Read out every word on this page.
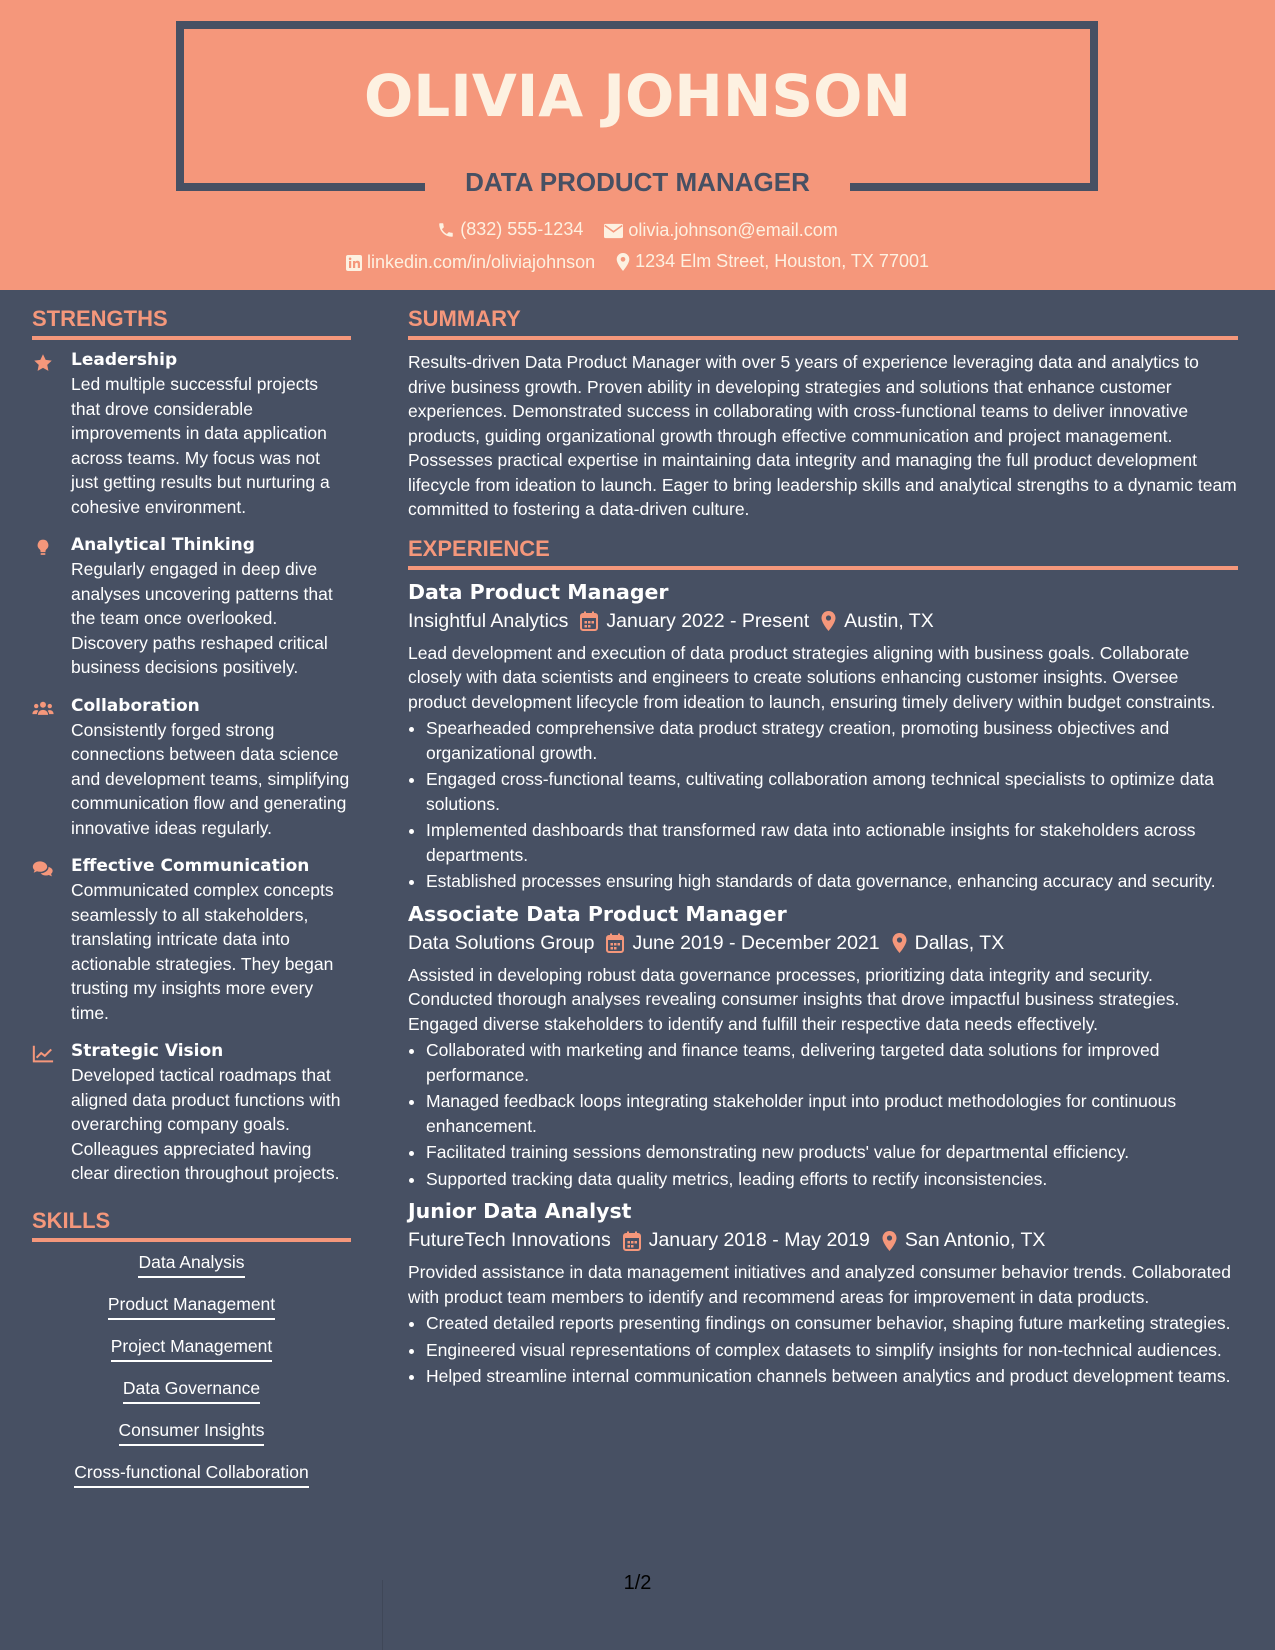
OLIVIA JOHNSON
DATA PRODUCT MANAGER
(832) 555-1234
	olivia.johnson@email.com
linkedin.com/in/oliviajohnson
1234 Elm Street, Houston, TX 77001
STRENGTHS
Leadership
Led multiple successful projects that drove considerable improvements in data application across teams. My focus was not just getting results but nurturing a cohesive environment.
Analytical Thinking
Regularly engaged in deep dive analyses uncovering patterns that the team once overlooked. Discovery paths reshaped critical business decisions positively.
Collaboration
Consistently forged strong connections between data science and development teams, simplifying communication flow and generating innovative ideas regularly.
Effective Communication
Communicated complex concepts seamlessly to all stakeholders, translating intricate data into actionable strategies. They began trusting my insights more every time.
Strategic Vision
Developed tactical roadmaps that aligned data product functions with overarching company goals. Colleagues appreciated having clear direction throughout projects.
SKILLS
Data Analysis
Product Management
Project Management
Data Governance
Consumer Insights
Cross-functional Collaboration
SUMMARY
Results-driven Data Product Manager with over 5 years of experience leveraging data and analytics to drive business growth. Proven ability in developing strategies and solutions that enhance customer experiences. Demonstrated success in collaborating with cross-functional teams to deliver innovative products, guiding organizational growth through effective communication and project management. Possesses practical expertise in maintaining data integrity and managing the full product development lifecycle from ideation to launch. Eager to bring leadership skills and analytical strengths to a dynamic team committed to fostering a data-driven culture.
EXPERIENCE
Data Product Manager
Insightful Analytics January 2022 - Present Austin, TX
Lead development and execution of data product strategies aligning with business goals. Collaborate closely with data scientists and engineers to create solutions enhancing customer insights. Oversee product development lifecycle from ideation to launch, ensuring timely delivery within budget constraints.
• Spearheaded comprehensive data product strategy creation, promoting business objectives and organizational growth.
• Engaged cross-functional teams, cultivating collaboration among technical specialists to optimize data solutions.
• Implemented dashboards that transformed raw data into actionable insights for stakeholders across departments.
• Established processes ensuring high standards of data governance, enhancing accuracy and security.
Associate Data Product Manager
Data Solutions Group June 2019 - December 2021 Dallas, TX
Assisted in developing robust data governance processes, prioritizing data integrity and security. Conducted thorough analyses revealing consumer insights that drove impactful business strategies. Engaged diverse stakeholders to identify and fulfill their respective data needs effectively.
• Collaborated with marketing and finance teams, delivering targeted data solutions for improved performance.
• Managed feedback loops integrating stakeholder input into product methodologies for continuous enhancement.
• Facilitated training sessions demonstrating new products' value for departmental efficiency.
• Supported tracking data quality metrics, leading efforts to rectify inconsistencies.
Junior Data Analyst
FutureTech Innovations January 2018 - May 2019 San Antonio, TX
Provided assistance in data management initiatives and analyzed consumer behavior trends. Collaborated with product team members to identify and recommend areas for improvement in data products.
• Created detailed reports presenting findings on consumer behavior, shaping future marketing strategies.
• Engineered visual representations of complex datasets to simplify insights for non-technical audiences.
• Helped streamline internal communication channels between analytics and product development teams.
1/2
